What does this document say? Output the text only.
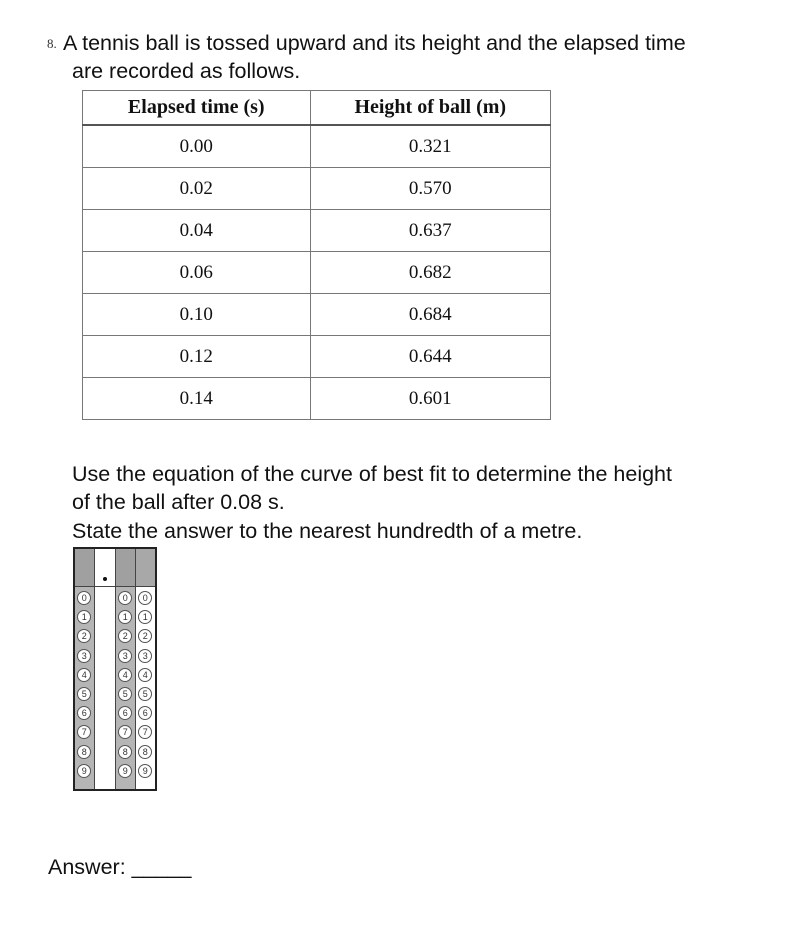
8. A tennis ball is tossed upward and its height and the elapsed time
are recorded as follows.
Elapsed time (s)	Height of ball (m)
0.00	0.321
0.02	0.570
0.04	0.637
0.06	0.682
0.10	0.684
0.12	0.644
0.14	0.601
Use the equation of the curve of best fit to determine the height
of the ball after 0.08 s.
State the answer to the nearest hundredth of a metre.
0
1
2
3
4
5
6
7
8
9
0
1
2
3
4
5
6
7
8
9
0
1
2
3
4
5
6
7
8
9
Answer: _____
